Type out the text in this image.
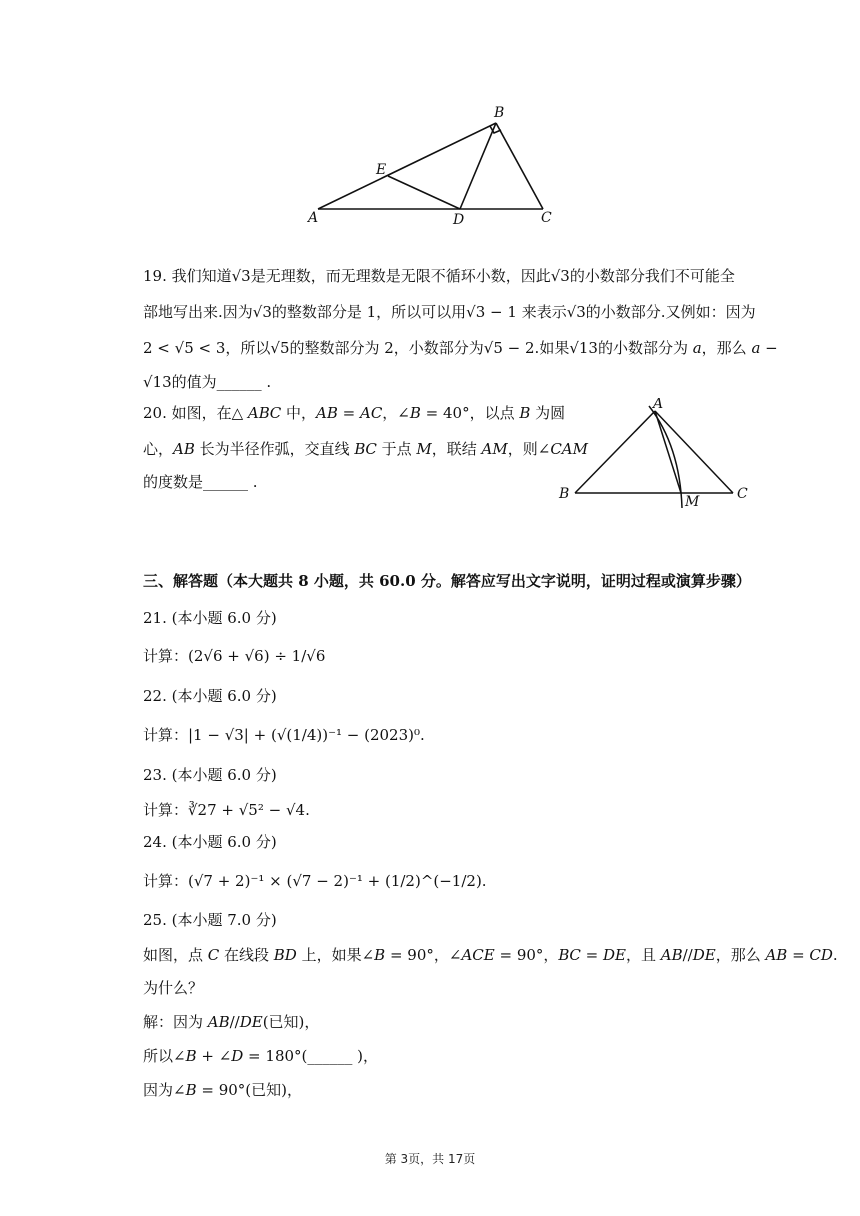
B
E
A	D	C
19. 我们知道√3是无理数，而无理数是无限不循环小数，因此√3的小数部分我们不可能全
部地写出来.因为√3的整数部分是 1，所以可以用√3 − 1 来表示√3的小数部分.又例如：因为
2 < √5 < 3，所以√5的整数部分为 2，小数部分为√5 − 2.如果√13的小数部分为 𝑎，那么 𝑎 −
√13的值为______ .
20. 如图，在△ 𝐴𝐵𝐶 中，𝐴𝐵 = 𝐴𝐶，∠𝐵 = 40°，以点 𝐵 为圆
心，𝐴𝐵 长为半径作弧，交直线 𝐵𝐶 于点 𝑀，联结 𝐴𝑀，则∠𝐶𝐴𝑀
的度数是______ .
A
B	C
M
三、解答题（本大题共 8 小题，共 60.0 分。解答应写出文字说明，证明过程或演算步骤）
21. (本小题 6.0 分)
计算：(2√6 + √6) ÷ 1/√6
22. (本小题 6.0 分)
计算：|1 − √3| + (√(1/4))⁻¹ − (2023)⁰.
23. (本小题 6.0 分)
计算：∛27 + √5² − √4.
24. (本小题 6.0 分)
计算：(√7 + 2)⁻¹ × (√7 − 2)⁻¹ + (1/2)^(−1/2).
25. (本小题 7.0 分)
如图，点 𝐶 在线段 𝐵𝐷 上，如果∠𝐵 = 90°，∠𝐴𝐶𝐸 = 90°，𝐵𝐶 = 𝐷𝐸，且 𝐴𝐵//𝐷𝐸，那么 𝐴𝐵 = 𝐶𝐷.
为什么？
解：因为 𝐴𝐵//𝐷𝐸(已知)，
所以∠𝐵 + ∠𝐷 = 180°(______ )，
因为∠𝐵 = 90°(已知)，
第 3页，共 17页
